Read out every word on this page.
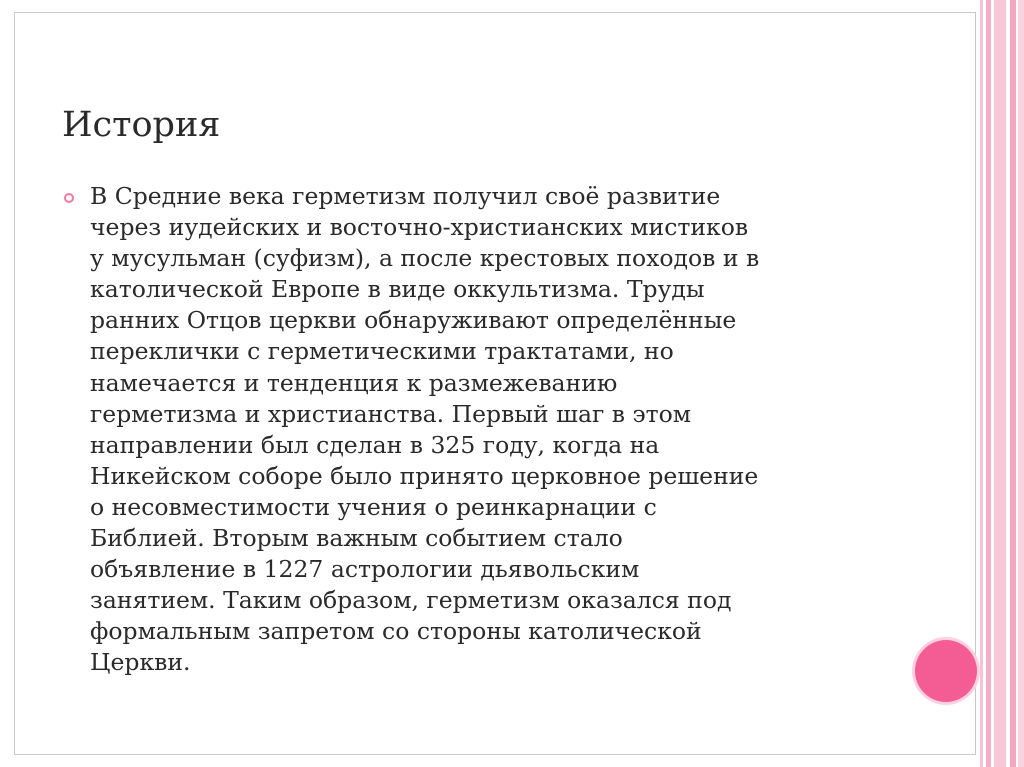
История
В Средние века герметизм получил своё развитие
через иудейских и восточно-христианских мистиков
у мусульман (суфизм), а после крестовых походов и в
католической Европе в виде оккультизма. Труды
ранних Отцов церкви обнаруживают определённые
переклички с герметическими трактатами, но
намечается и тенденция к размежеванию
герметизма и христианства. Первый шаг в этом
направлении был сделан в 325 году, когда на
Никейском соборе было принято церковное решение
о несовместимости учения о реинкарнации с
Библией. Вторым важным событием стало
объявление в 1227 астрологии дьявольским
занятием. Таким образом, герметизм оказался под
формальным запретом со стороны католической
Церкви.
